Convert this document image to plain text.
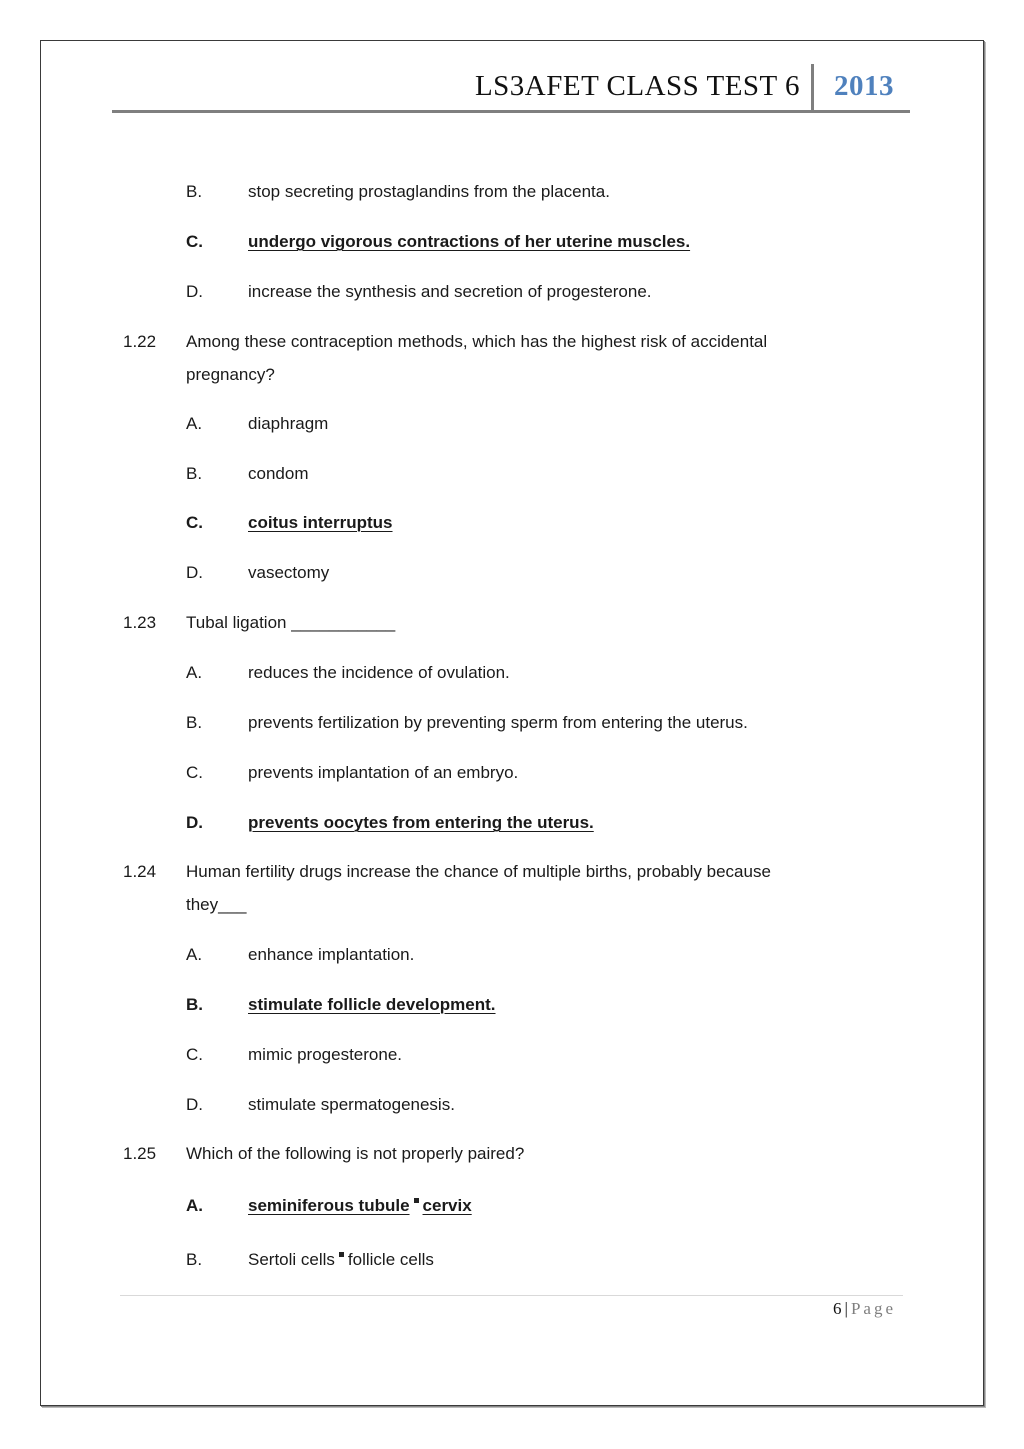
LS3AFET CLASS TEST 6 2013
B.	stop secreting prostaglandins from the placenta.
C.	undergo vigorous contractions of her uterine muscles.
D.	increase the synthesis and secretion of progesterone.
1.22 Among these contraception methods, which has the highest risk of accidental
pregnancy?
A.	diaphragm
B.	condom
C.	coitus interruptus
D.	vasectomy
1.23 Tubal ligation ___________
A.	reduces the incidence of ovulation.
B.	prevents fertilization by preventing sperm from entering the uterus.
C.	prevents implantation of an embryo.
D.	prevents oocytes from entering the uterus.
1.24 Human fertility drugs increase the chance of multiple births, probably because
they___
A.	enhance implantation.
B.	stimulate follicle development.
C.	mimic progesterone.
D.	stimulate spermatogenesis.
1.25 Which of the following is not properly paired?
A.	seminiferous tubule cervix
B.	Sertoli cells follicle cells
6 | Page
